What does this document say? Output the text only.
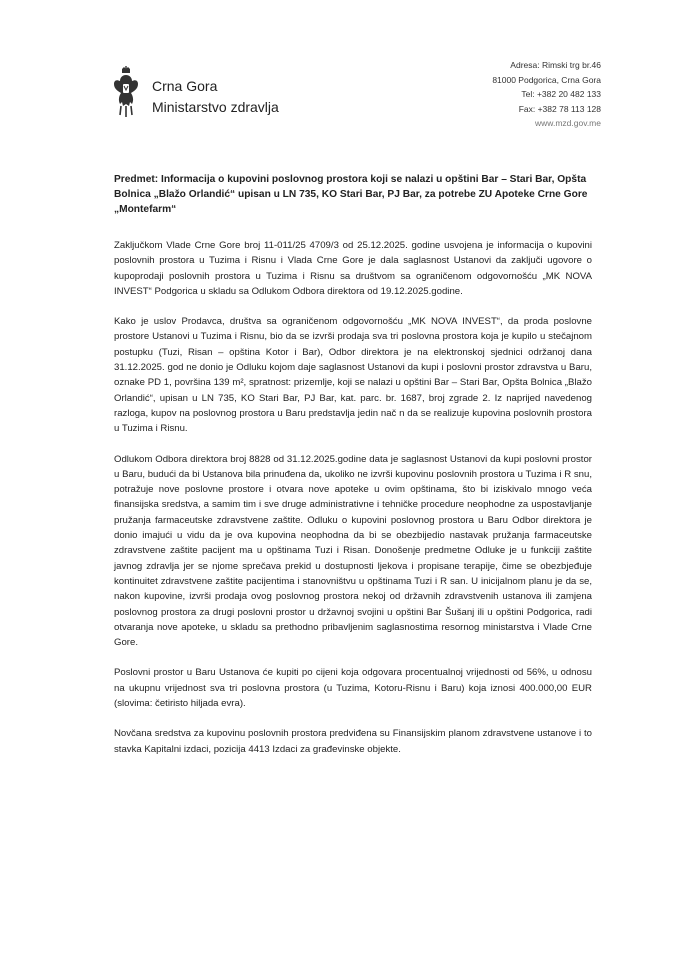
Crna Gora
Ministarstvo zdravlja
Adresa: Rimski trg br.46
81000 Podgorica, Crna Gora
Tel: +382 20 482 133
Fax: +382 78 113 128
www.mzd.gov.me
Predmet: Informacija o kupovini poslovnog prostora koji se nalazi u opštini Bar – Stari Bar, Opšta Bolnica „Blažo Orlandić“ upisan u LN 735, KO Stari Bar, PJ Bar, za potrebe ZU Apoteke Crne Gore „Montefarm“

Zaključkom Vlade Crne Gore broj 11-011/25 4709/3 od 25.12.2025. godine usvojena je informacija o kupovini poslovnih prostora u Tuzima i Risnu i Vlada Crne Gore je dala saglasnost Ustanovi da zaključi ugovore o kupoprodaji poslovnih prostora u Tuzima i Risnu sa društvom sa ograničenom odgovornošću „MK NOVA INVEST“ Podgorica u skladu sa Odlukom Odbora direktora od 19.12.2025.godine.

Kako je uslov Prodavca, društva sa ograničenom odgovornošću „MK NOVA INVEST“, da proda poslovne prostore Ustanovi u Tuzima i Risnu, bio da se izvrši prodaja sva tri poslovna prostora koja je kupilo u stečajnom postupku (Tuzi, Risan – opština Kotor i Bar), Odbor direktora je na elektronskoj sjednici održanoj dana 31.12.2025. god ne donio je Odluku kojom daje saglasnost Ustanovi da kupi i poslovni prostor zdravstva u Baru, oznake PD 1, površina 139 m², spratnost: prizemlje, koji se nalazi u opštini Bar – Stari Bar, Opšta Bolnica „Blažo Orlandić“, upisan u LN 735, KO Stari Bar, PJ Bar, kat. parc. br. 1687, broj zgrade 2. Iz naprijed navedenog razloga, kupov na poslovnog prostora u Baru predstavlja jedin nač n da se realizuje kupovina poslovnih prostora u Tuzima i Risnu.

Odlukom Odbora direktora broj 8828 od 31.12.2025.godine data je saglasnost Ustanovi da kupi poslovni prostor u Baru, budući da bi Ustanova bila prinuđena da, ukoliko ne izvrši kupovinu poslovnih prostora u Tuzima i R snu, potražuje nove poslovne prostore i otvara nove apoteke u ovim opštinama, što bi iziskivalo mnogo veća finansijska sredstva, a samim tim i sve druge administrativne i tehničke procedure neophodne za uspostavljanje pružanja farmaceutske zdravstvene zaštite. Odluku o kupovini poslovnog prostora u Baru Odbor direktora je donio imajući u vidu da je ova kupovina neophodna da bi se obezbijedio nastavak pružanja farmaceutske zdravstvene zaštite pacijent ma u opštinama Tuzi i Risan. Donošenje predmetne Odluke je u funkciji zaštite javnog zdravlja jer se njome sprečava prekid u dostupnosti ljekova i propisane terapije, čime se obezbjeđuje kontinuitet zdravstvene zaštite pacijentima i stanovništvu u opštinama Tuzi i R san. U inicijalnom planu je da se, nakon kupovine, izvrši prodaja ovog poslovnog prostora nekoj od državnih zdravstvenih ustanova ili zamjena poslovnog prostora za drugi poslovni prostor u državnoj svojini u opštini Bar Šušanj ili u opštini Podgorica, radi otvaranja nove apoteke, u skladu sa prethodno pribavljenim saglasnostima resornog ministarstva i Vlade Crne Gore.

Poslovni prostor u Baru Ustanova će kupiti po cijeni koja odgovara procentualnoj vrijednosti od 56%, u odnosu na ukupnu vrijednost sva tri poslovna prostora (u Tuzima, Kotoru-Risnu i Baru) koja iznosi 400.000,00 EUR (slovima: četiristo hiljada evra).

Novčana sredstva za kupovinu poslovnih prostora predviđena su Finansijskim planom zdravstvene ustanove i to stavka Kapitalni izdaci, pozicija 4413 Izdaci za građevinske objekte.
